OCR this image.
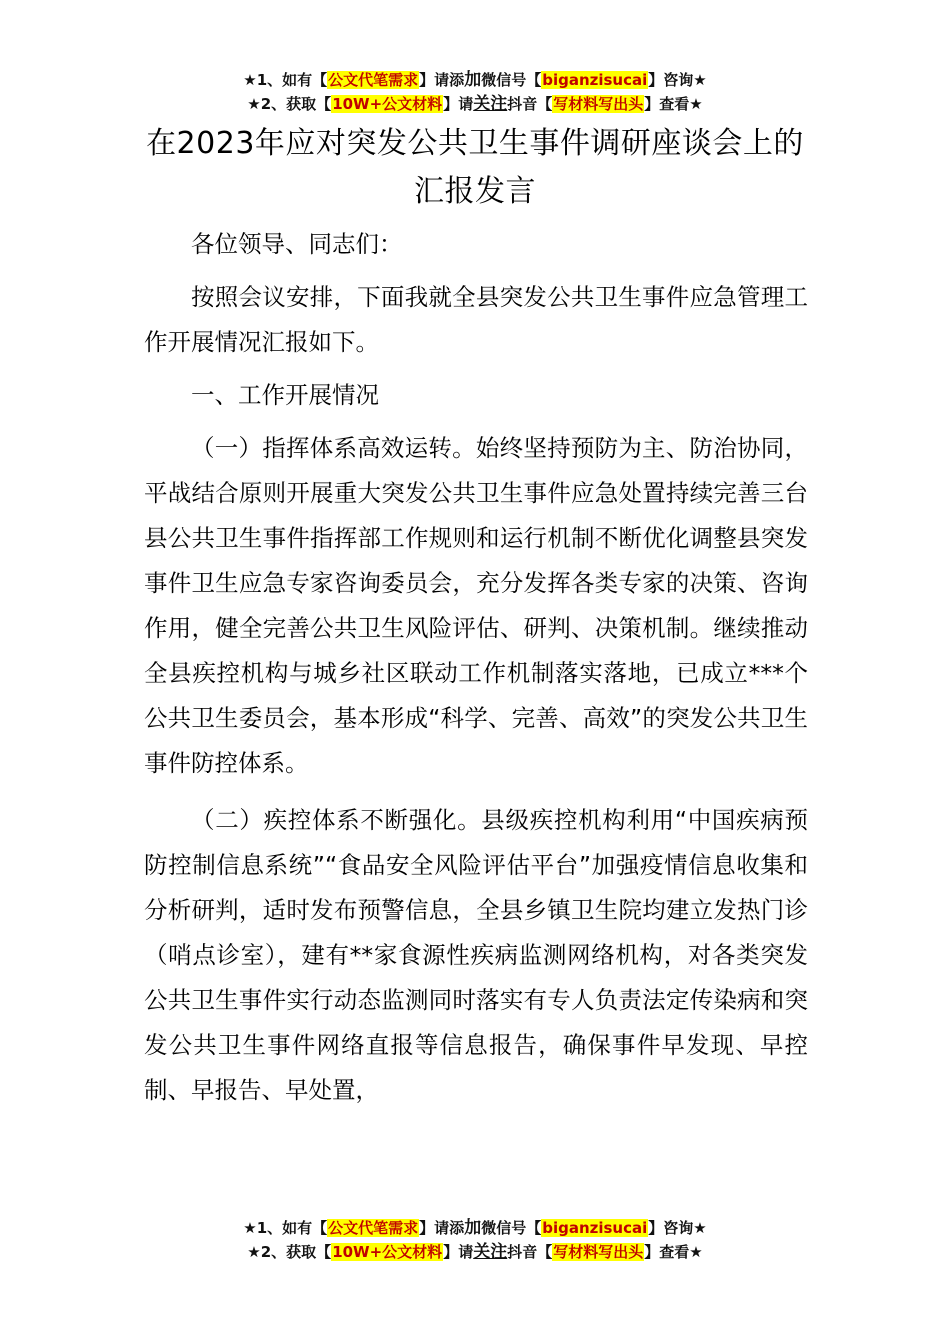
★1、如有【公文代笔需求】请添加微信号【biganzisucai】咨询★
★2、获取【10W+公文材料】请关注抖音【写材料写出头】查看★
在2023年应对突发公共卫生事件调研座谈会上的汇报发言

各位领导、同志们：

按照会议安排，下面我就全县突发公共卫生事件应急管理工作开展情况汇报如下。

一、工作开展情况

（一）指挥体系高效运转。始终坚持预防为主、防治协同，平战结合原则开展重大突发公共卫生事件应急处置持续完善三台县公共卫生事件指挥部工作规则和运行机制不断优化调整县突发事件卫生应急专家咨询委员会，充分发挥各类专家的决策、咨询作用，健全完善公共卫生风险评估、研判、决策机制。继续推动全县疾控机构与城乡社区联动工作机制落实落地，已成立***个公共卫生委员会，基本形成“科学、完善、高效”的突发公共卫生事件防控体系。

（二）疾控体系不断强化。县级疾控机构利用“中国疾病预防控制信息系统”“食品安全风险评估平台”加强疫情信息收集和分析研判，适时发布预警信息，全县乡镇卫生院均建立发热门诊（哨点诊室），建有**家食源性疾病监测网络机构，对各类突发公共卫生事件实行动态监测同时落实有专人负责法定传染病和突发公共卫生事件网络直报等信息报告，确保事件早发现、早控制、早报告、早处置，

★1、如有【公文代笔需求】请添加微信号【biganzisucai】咨询★
★2、获取【10W+公文材料】请关注抖音【写材料写出头】查看★
